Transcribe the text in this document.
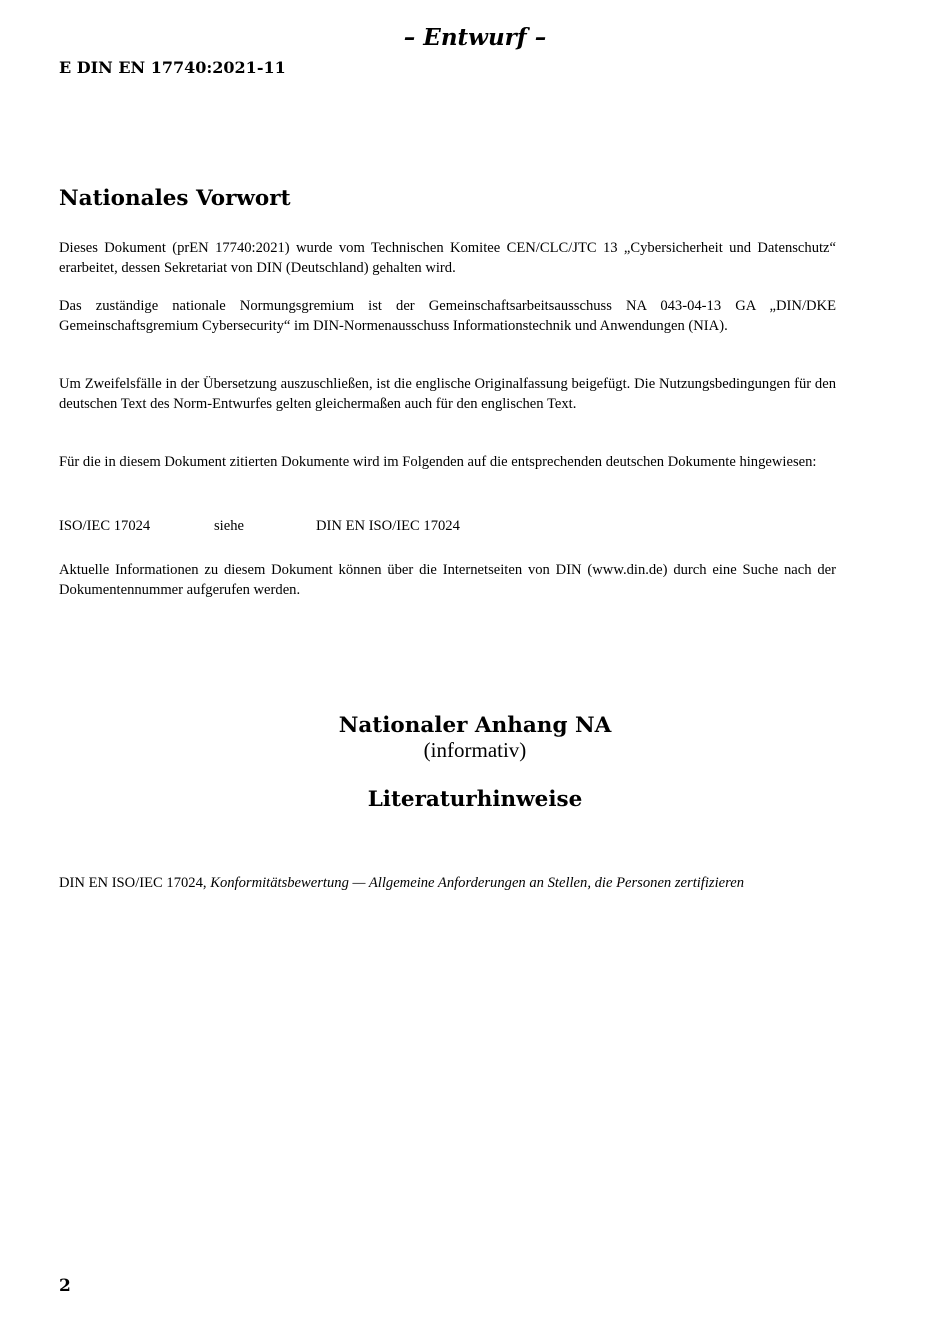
– Entwurf –
E DIN EN 17740:2021-11
Nationales Vorwort
Dieses Dokument (prEN 17740:2021) wurde vom Technischen Komitee CEN/CLC/JTC 13 „Cybersicherheit und Datenschutz“ erarbeitet, dessen Sekretariat von DIN (Deutschland) gehalten wird.
Das zuständige nationale Normungsgremium ist der Gemeinschaftsarbeitsausschuss NA 043-04-13 GA „DIN/DKE Gemeinschaftsgremium Cybersecurity“ im DIN-Normenausschuss Informationstechnik und Anwendungen (NIA).
Um Zweifelsfälle in der Übersetzung auszuschließen, ist die englische Originalfassung beigefügt. Die Nutzungsbedingungen für den deutschen Text des Norm-Entwurfes gelten gleichermaßen auch für den englischen Text.
Für die in diesem Dokument zitierten Dokumente wird im Folgenden auf die entsprechenden deutschen Dokumente hingewiesen:
ISO/IEC 17024	siehe	DIN EN ISO/IEC 17024
Aktuelle Informationen zu diesem Dokument können über die Internetseiten von DIN (www.din.de) durch eine Suche nach der Dokumentennummer aufgerufen werden.
Nationaler Anhang NA
(informativ)
Literaturhinweise
DIN EN ISO/IEC 17024, Konformitätsbewertung — Allgemeine Anforderungen an Stellen, die Personen zertifizieren
2
